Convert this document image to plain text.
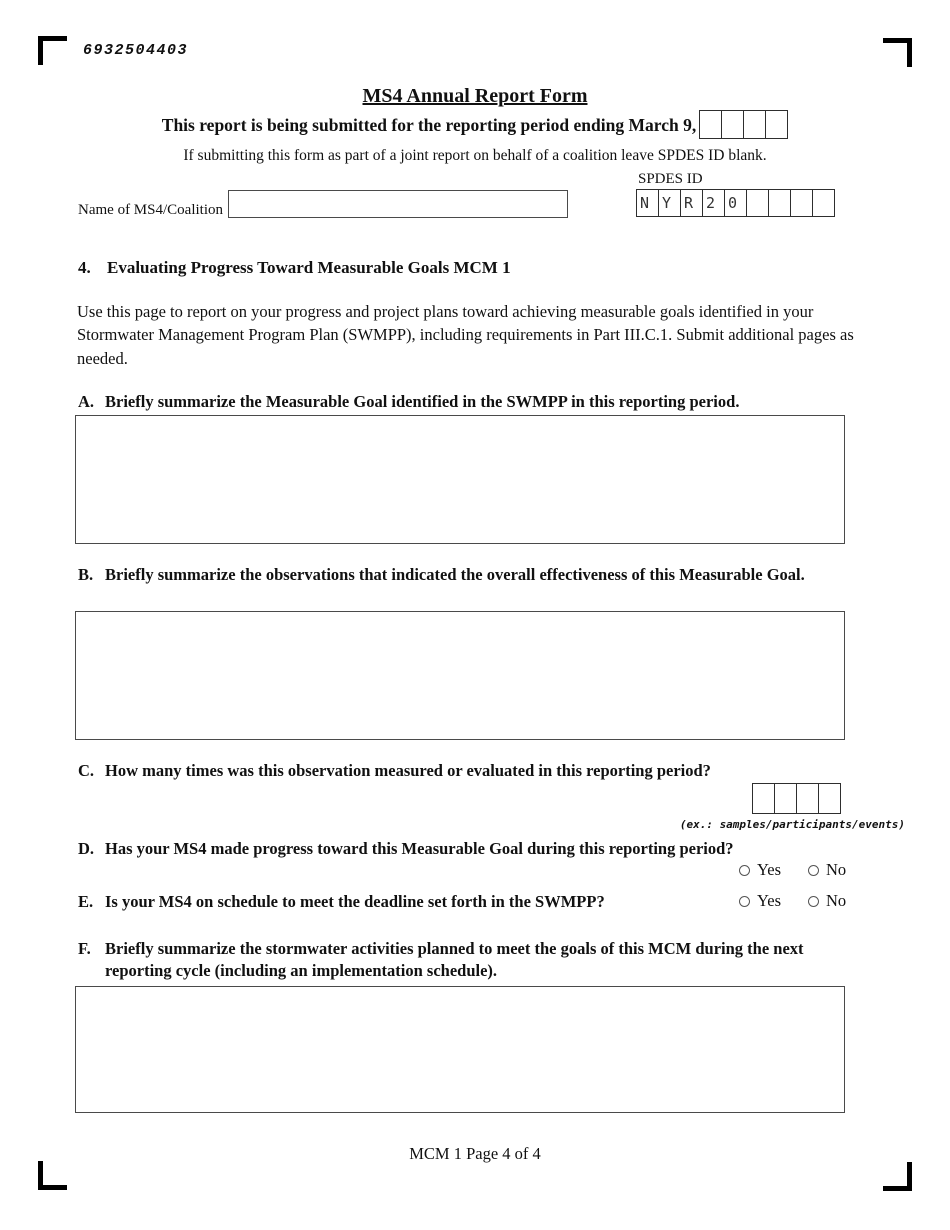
6932504403
MS4 Annual Report Form
This report is being submitted for the reporting period ending March 9,
If submitting this form as part of a joint report on behalf of a coalition leave SPDES ID blank.
Name of MS4/Coalition
SPDES ID
N Y R 2 0
4. Evaluating Progress Toward Measurable Goals MCM 1
Use this page to report on your progress and project plans toward achieving measurable goals identified in your Stormwater Management Program Plan (SWMPP), including requirements in Part III.C.1. Submit additional pages as needed.
A. Briefly summarize the Measurable Goal identified in the SWMPP in this reporting period.
B. Briefly summarize the observations that indicated the overall effectiveness of this Measurable Goal.
C. How many times was this observation measured or evaluated in this reporting period?
(ex.: samples/participants/events)
D. Has your MS4 made progress toward this Measurable Goal during this reporting period?
Yes	No
E. Is your MS4 on schedule to meet the deadline set forth in the SWMPP?	Yes	No
F. Briefly summarize the stormwater activities planned to meet the goals of this MCM during the next reporting cycle (including an implementation schedule).
MCM 1 Page 4 of 4
